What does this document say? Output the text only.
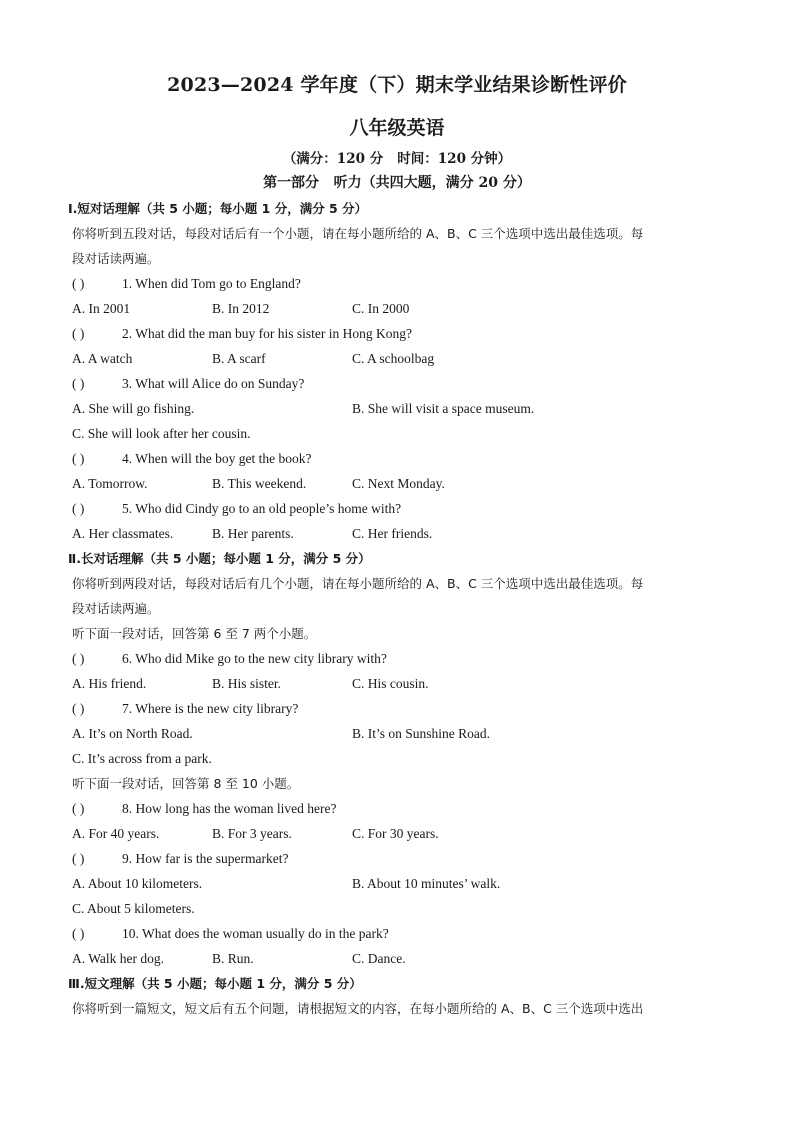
2023—2024 学年度（下）期末学业结果诊断性评价
八年级英语
（满分：120 分   时间：120 分钟）
第一部分   听力（共四大题，满分 20 分）
Ⅰ.短对话理解（共 5 小题；每小题 1 分，满分 5 分）
你将听到五段对话，每段对话后有一个小题，请在每小题所给的 A、B、C 三个选项中选出最佳选项。每
段对话读两遍。
( )	1. When did Tom go to England?
A. In 2001	B. In 2012	C. In 2000
( )	2. What did the man buy for his sister in Hong Kong?
A. A watch	B. A scarf	C. A schoolbag
( )	3. What will Alice do on Sunday?
A. She will go fishing.	B. She will visit a space museum.
C. She will look after her cousin.
( )	4. When will the boy get the book?
A. Tomorrow.	B. This weekend.	C. Next Monday.
( )	5. Who did Cindy go to an old people’s home with?
A. Her classmates.	B. Her parents.	C. Her friends.
Ⅱ.长对话理解（共 5 小题；每小题 1 分，满分 5 分）
你将听到两段对话，每段对话后有几个小题，请在每小题所给的 A、B、C 三个选项中选出最佳选项。每
段对话读两遍。
听下面一段对话，回答第 6 至 7 两个小题。
( )	6. Who did Mike go to the new city library with?
A. His friend.	B. His sister.	C. His cousin.
( )	7. Where is the new city library?
A. It’s on North Road.	B. It’s on Sunshine Road.
C. It’s across from a park.
听下面一段对话，回答第 8 至 10 小题。
( )	8. How long has the woman lived here?
A. For 40 years.	B. For 3 years.	C. For 30 years.
( )	9. How far is the supermarket?
A. About 10 kilometers.	B. About 10 minutes’ walk.
C. About 5 kilometers.
( )	10. What does the woman usually do in the park?
A. Walk her dog.	B. Run.	C. Dance.
Ⅲ.短文理解（共 5 小题；每小题 1 分，满分 5 分）
你将听到一篇短文，短文后有五个问题，请根据短文的内容，在每小题所给的 A、B、C 三个选项中选出
